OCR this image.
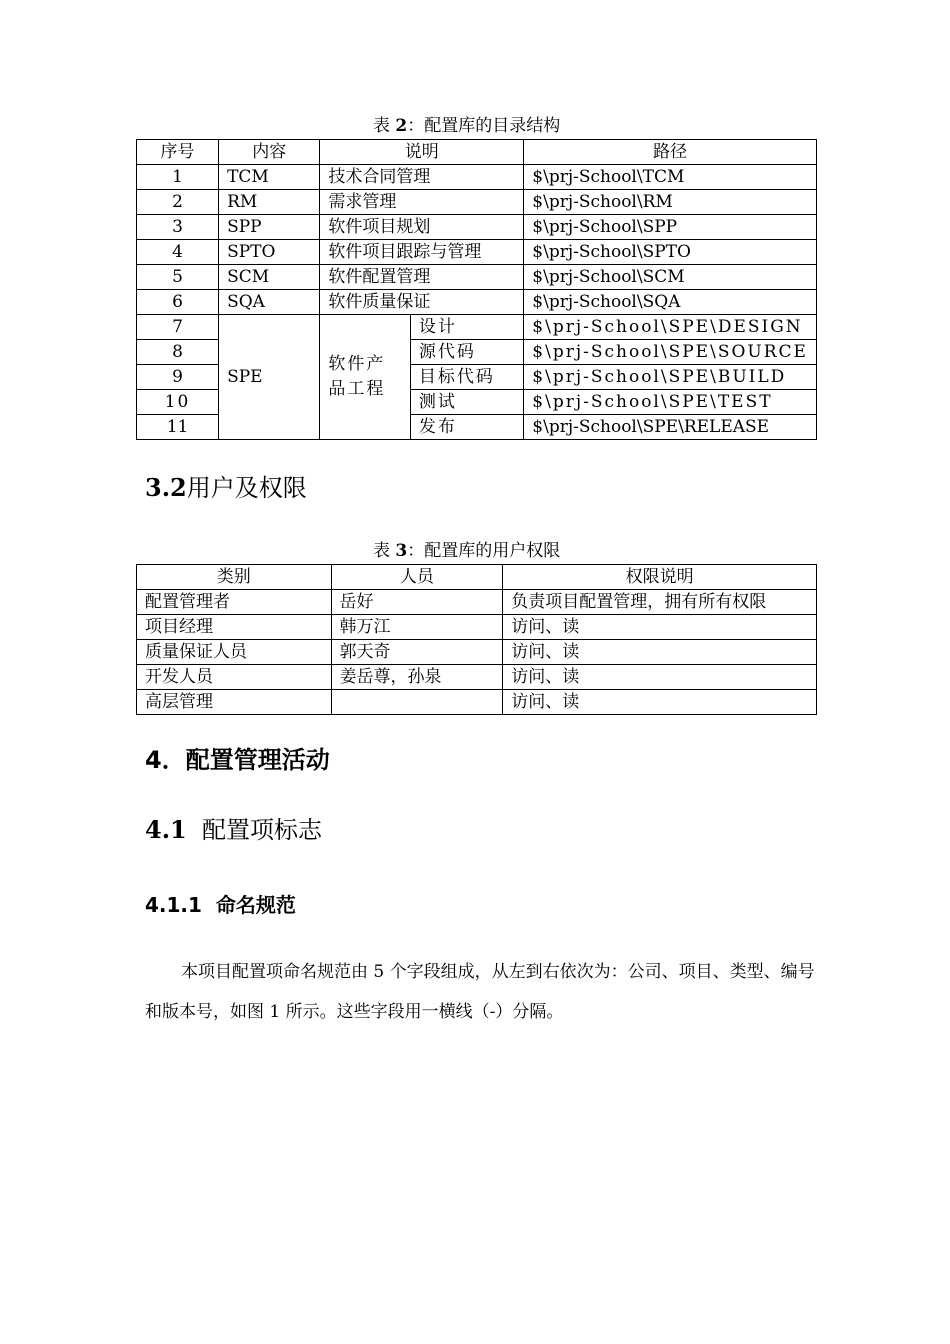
表 2：配置库的目录结构
序号	内容	说明		路径
1	TCM	技术合同管理		$\prj-School\TCM
2	RM	需求管理		$\prj-School\RM
3	SPP	软件项目规划		$\prj-School\SPP
4	SPTO	软件项目跟踪与管理		$\prj-School\SPTO
5	SCM	软件配置管理		$\prj-School\SCM
6	SQA	软件质量保证		$\prj-School\SQA
7	SPE	软件产品工程	设计	$\prj-School\SPE\DESIGN
8			源代码	$\prj-School\SPE\SOURCE
9			目标代码	$\prj-School\SPE\BUILD
10			测试	$\prj-School\SPE\TEST
11			发布	$\prj-School\SPE\RELEASE
3.2用户及权限
表 3：配置库的用户权限
类别	人员	权限说明
配置管理者	岳好	负责项目配置管理，拥有所有权限
项目经理	韩万江	访问、读
质量保证人员	郭天奇	访问、读
开发人员	姜岳尊，孙泉	访问、读
高层管理		访问、读
4．配置管理活动
4.1 配置项标志
4.1.1 命名规范

本项目配置项命名规范由 5 个字段组成，从左到右依次为：公司、项目、类型、编号和版本号，如图 1 所示。这些字段用一横线（-）分隔。
